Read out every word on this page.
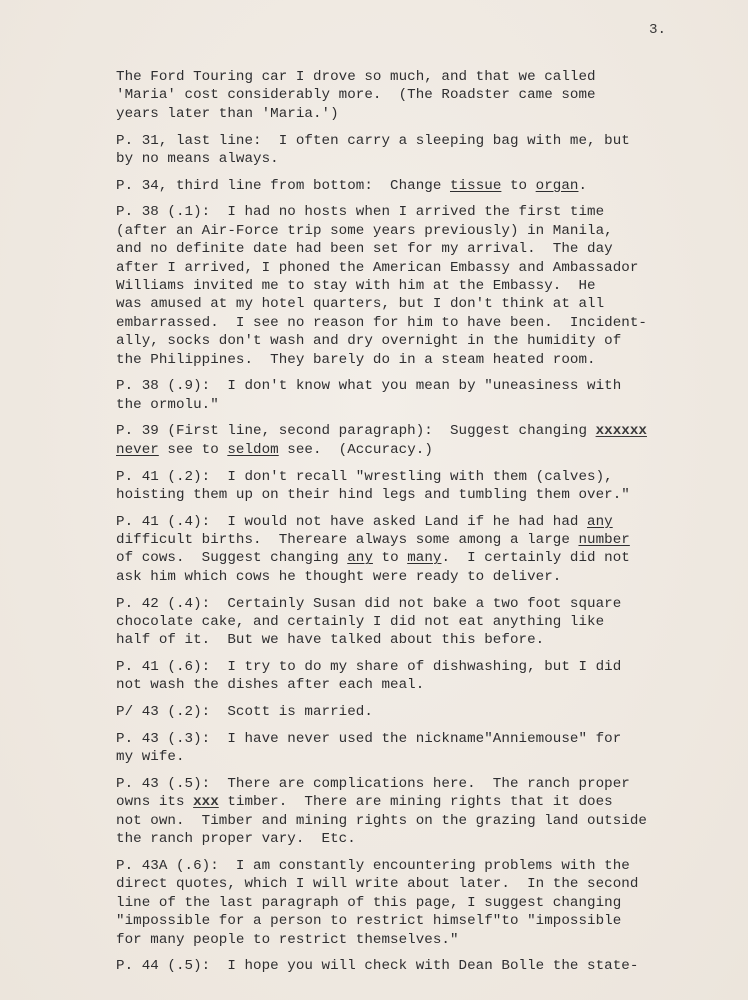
3.
The Ford Touring car I drove so much, and that we called
'Maria' cost considerably more.  (The Roadster came some
years later than 'Maria.')
P. 31, last line:  I often carry a sleeping bag with me, but
by no means always.
P. 34, third line from bottom:  Change tissue to organ.
P. 38 (.1):  I had no hosts when I arrived the first time
(after an Air-Force trip some years previously) in Manila,
and no definite date had been set for my arrival.  The day
after I arrived, I phoned the American Embassy and Ambassador
Williams invited me to stay with him at the Embassy.  He
was amused at my hotel quarters, but I don't think at all
embarrassed.  I see no reason for him to have been.  Incident-
ally, socks don't wash and dry overnight in the humidity of
the Philippines.  They barely do in a steam heated room.
P. 38 (.9):  I don't know what you mean by "uneasiness with
the ormolu."
P. 39 (First line, second paragraph):  Suggest changing xxxxxx
never see to seldom see.  (Accuracy.)
P. 41 (.2):  I don't recall "wrestling with them (calves),
hoisting them up on their hind legs and tumbling them over."
P. 41 (.4):  I would not have asked Land if he had had any
difficult births.  Thereare always some among a large number
of cows.  Suggest changing any to many.  I certainly did not
ask him which cows he thought were ready to deliver.
P. 42 (.4):  Certainly Susan did not bake a two foot square
chocolate cake, and certainly I did not eat anything like
half of it.  But we have talked about this before.
P. 41 (.6):  I try to do my share of dishwashing, but I did
not wash the dishes after each meal.
P/ 43 (.2):  Scott is married.
P. 43 (.3):  I have never used the nickname"Anniemouse" for
my wife.
P. 43 (.5):  There are complications here.  The ranch proper
owns its xxx timber.  There are mining rights that it does
not own.  Timber and mining rights on the grazing land outside
the ranch proper vary.  Etc.
P. 43A (.6):  I am constantly encountering problems with the
direct quotes, which I will write about later.  In the second
line of the last paragraph of this page, I suggest changing
"impossible for a person to restrict himself"to "impossible
for many people to restrict themselves."
P. 44 (.5):  I hope you will check with Dean Bolle the state-
